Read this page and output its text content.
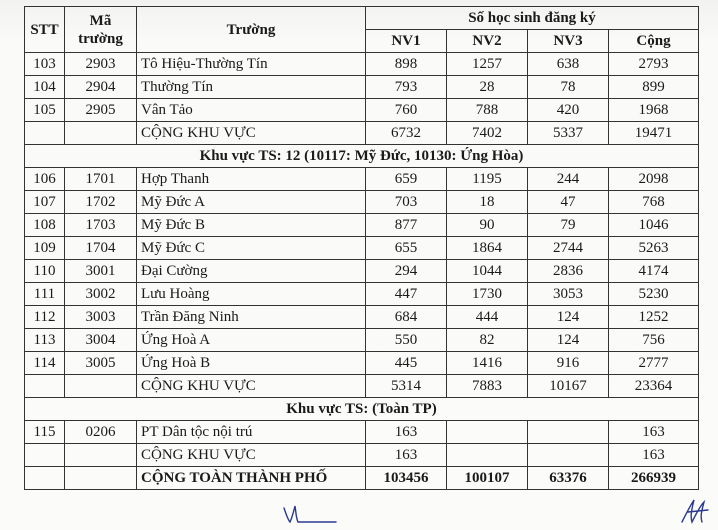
STT	Mã trường	Trường	Số học sinh đăng ký			
			NV1	NV2	NV3	Cộng
103	2903	Tô Hiệu-Thường Tín	898	1257	638	2793
104	2904	Thường Tín	793	28	78	899
105	2905	Vân Tảo	760	788	420	1968
		CỘNG KHU VỰC	6732	7402	5337	19471
Khu vực TS: 12 (10117: Mỹ Đức, 10130: Ứng Hòa)						
106	1701	Hợp Thanh	659	1195	244	2098
107	1702	Mỹ Đức A	703	18	47	768
108	1703	Mỹ Đức B	877	90	79	1046
109	1704	Mỹ Đức C	655	1864	2744	5263
110	3001	Đại Cường	294	1044	2836	4174
111	3002	Lưu Hoàng	447	1730	3053	5230
112	3003	Trần Đăng Ninh	684	444	124	1252
113	3004	Ứng Hoà A	550	82	124	756
114	3005	Ứng Hoà B	445	1416	916	2777
		CỘNG KHU VỰC	5314	7883	10167	23364
Khu vực TS: (Toàn TP)						
115	0206	PT Dân tộc nội trú	163			163
		CỘNG KHU VỰC	163			163
		CỘNG TOÀN THÀNH PHỐ	103456	100107	63376	266939
